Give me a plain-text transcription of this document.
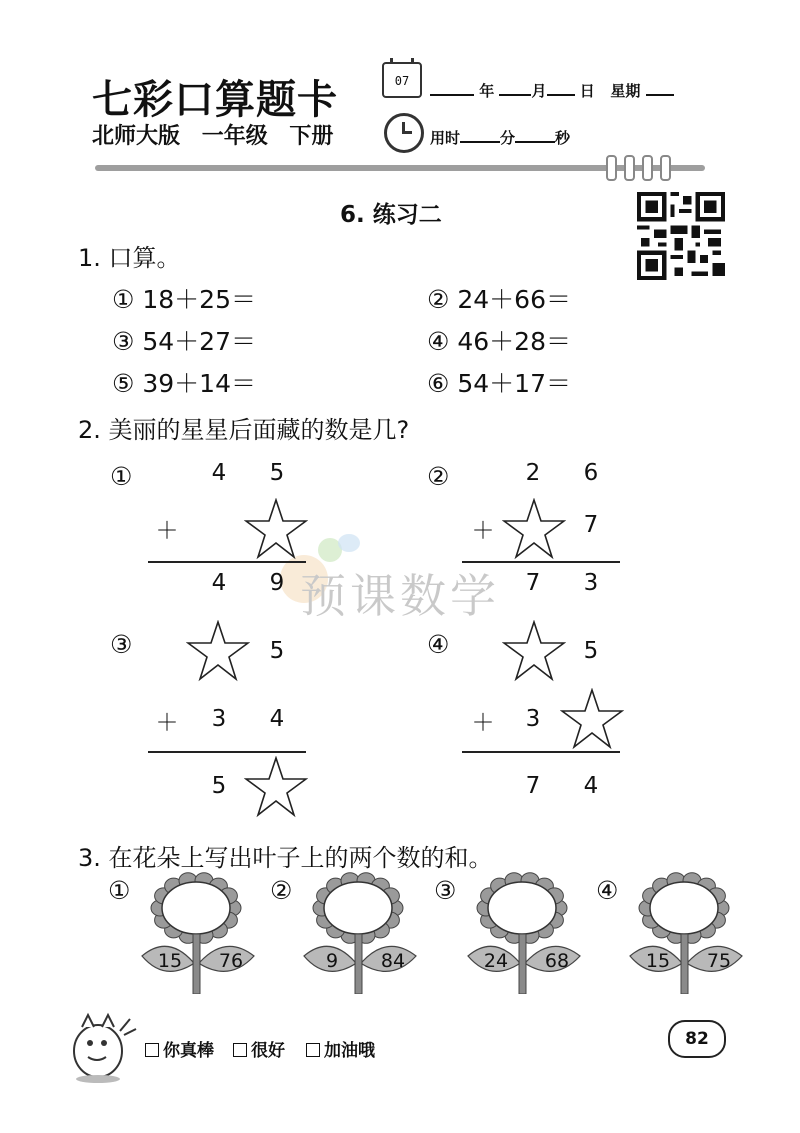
七彩口算题卡
北师大版 一年级 下册
07
年 月 日 星期
用时	分	秒
6. 练习二
1. 口算。
① 18＋25＝	② 24＋66＝
③ 54＋27＝	④ 46＋28＝
⑤ 39＋14＝	⑥ 54＋17＝
预课数学
2. 美丽的星星后面藏的数是几?
①	4	5
＋
4	9
②	2	6
＋	7
7	3
③	5
＋	3	4
5
④	5
＋	3
7	4
3. 在花朵上写出叶子上的两个数的和。
①
15	76
②
9	84
③
24	68
④
15	75
你真棒	很好	加油哦
82
